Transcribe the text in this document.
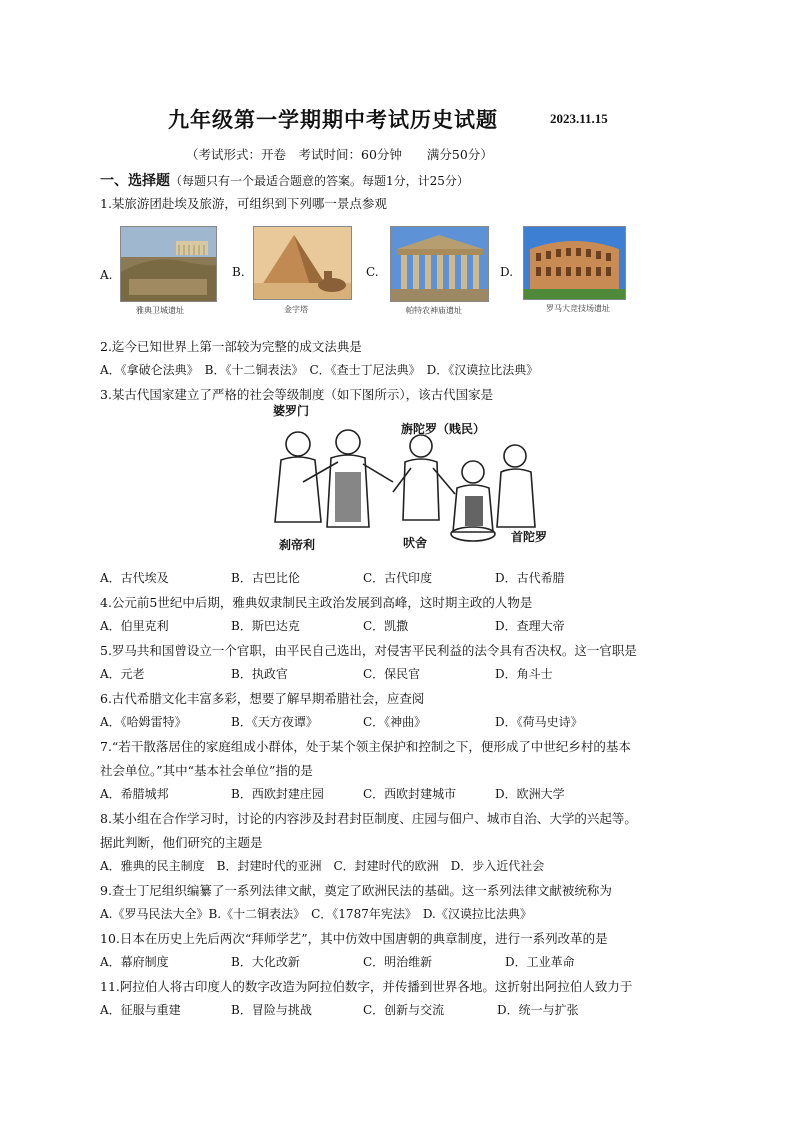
九年级第一学期期中考试历史试题	2023.11.15
（考试形式：开卷　考试时间：60分钟　　满分50分）
一、选择题（每题只有一个最适合题意的答案。每题1分，计25分）
1.某旅游团赴埃及旅游，可组织到下列哪一景点参观
A.
雅典卫城遗址
B.
金字塔
C.
帕特农神庙遗址
D.
罗马大竞技场遗址
2.迄今已知世界上第一部较为完整的成文法典是
A．《拿破仑法典》　B．《十二铜表法》　C．《查士丁尼法典》　D．《汉谟拉比法典》
3.某古代国家建立了严格的社会等级制度（如下图所示），该古代国家是
婆罗门
旃陀罗（贱民）
刹帝利	吠舍	首陀罗
A．古代埃及	B．古巴比伦	C．古代印度	D．古代希腊
4.公元前5世纪中后期，雅典奴隶制民主政治发展到高峰，这时期主政的人物是
A．伯里克利	B．斯巴达克	C．凯撒	D．查理大帝
5.罗马共和国曾设立一个官职，由平民自己选出，对侵害平民利益的法令具有否决权。这一官职是
A．元老	B．执政官	C．保民官	D．角斗士
6.古代希腊文化丰富多彩，想要了解早期希腊社会，应查阅
A．《哈姆雷特》	B．《天方夜谭》	C．《神曲》	D．《荷马史诗》
7.“若干散落居住的家庭组成小群体，处于某个领主保护和控制之下，便形成了中世纪乡村的基本
社会单位。”其中“基本社会单位”指的是
A．希腊城邦	B．西欧封建庄园	C．西欧封建城市	D．欧洲大学
8.某小组在合作学习时，讨论的内容涉及封君封臣制度、庄园与佃户、城市自治、大学的兴起等。
据此判断，他们研究的主题是
A．雅典的民主制度　B．封建时代的亚洲　C．封建时代的欧洲　D．步入近代社会
9.查士丁尼组织编纂了一系列法律文献，奠定了欧洲民法的基础。这一系列法律文献被统称为
A.《罗马民法大全》B.《十二铜表法》　C．《1787年宪法》　D.《汉谟拉比法典》
10.日本在历史上先后两次“拜师学艺”，其中仿效中国唐朝的典章制度，进行一系列改革的是
A．幕府制度	B．大化改新	C．明治维新	D．工业革命
11.阿拉伯人将古印度人的数字改造为阿拉伯数字，并传播到世界各地。这折射出阿拉伯人致力于
A．征服与重建	B．冒险与挑战	C．创新与交流	D．统一与扩张
